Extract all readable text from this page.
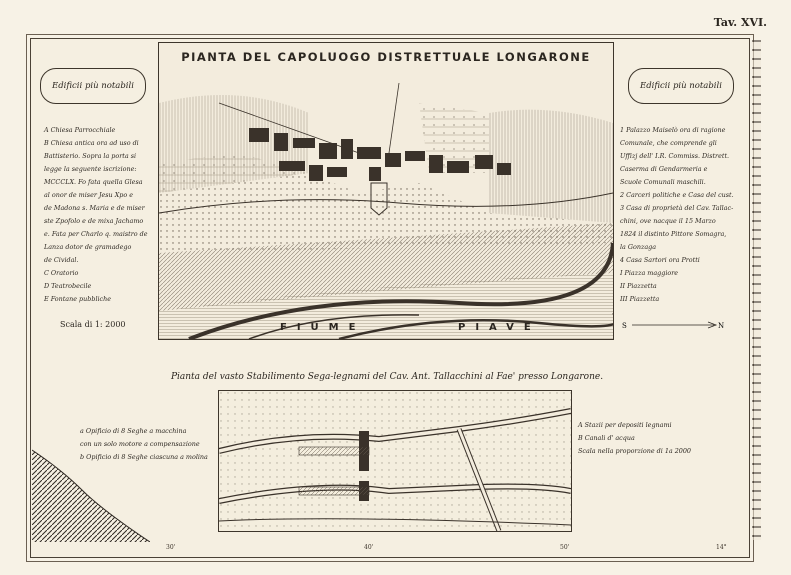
Tav. XVI.
PIANTA DEL CAPOLUOGO DISTRETTUALE LONGARONE
FIUME	PIAVE
Edificii più notabili
A Chiesa Parrocchiale
B Chiesa antica ora ad uso di
Battisterio. Sopra la porta si
legge la seguente iscrizione:
MCCCLX. Fo fata quella Glesa
al onor de miser Jesu Xpo e
de Madona s. Maria e de miser
ste Zpofolo e de mixa Jachamo
e. Fata per Charlo q. maistro de
Lanza dotor de gramadego
de Cividal.
C Oratorio
D Teatrobecile
E Fontane pubbliche
Scala di 1: 2000
Edificii più notabili
1 Palazzo Maiselò ora di ragione
Comunale, che comprende gli
Uffizj dell' I.R. Commiss. Distrett.
Caserma di Gendarmeria e
Scuole Comunali maschili.
2 Carceri politiche e Casa del cust.
3 Casa di proprietà del Cav. Tallac-
chini, ove nacque il 15 Marzo
1824 il distinto Pittore Somagra,
la Gonzaga
4 Casa Sartori ora Protti
I Piazza maggiore
II Piazzetta
III Piazzetta
S	N
Pianta del vasto Stabilimento Sega-legnami del Cav. Ant. Tallacchini al Fae' presso Longarone.
a Opificio di 8 Seghe a macchina
con un solo motore a compensazione
b Opificio di 8 Seghe ciascuna a molina
A Stazii per depositi legnami
B Canali d' acqua
Scala nella proporzione di 1a 2000
30'	40'	50'	14°
